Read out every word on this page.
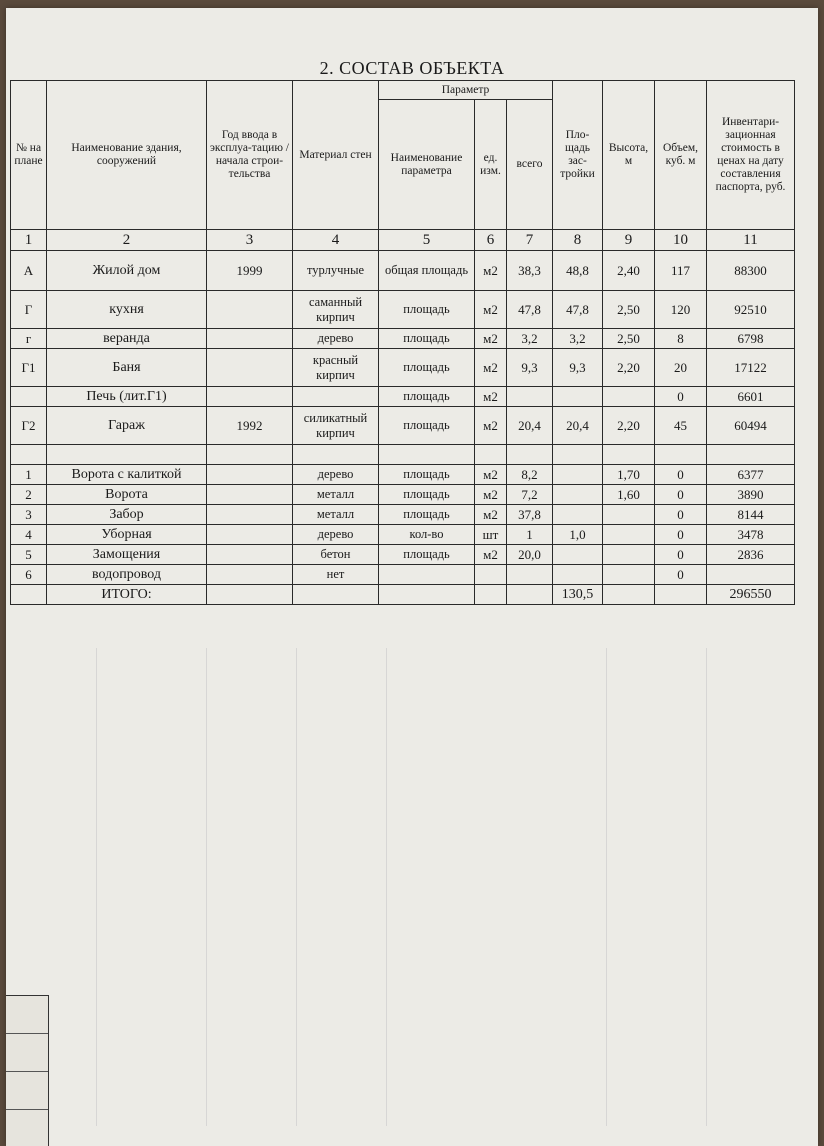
2. СОСТАВ ОБЪЕКТА
№ на плане	Наименование здания, сооружений	Год ввода в эксплуа-тацию / начала строи-тельства	Материал стен	Параметр			Пло-щадь зас-тройки	Высота, м	Объем, куб. м	Инвентари-зационная стоимость в ценах на дату составления паспорта, руб.
				Наименование параметра	ед. изм.	всего				
1	2	3	4	5	6	7	8	9	10	11
А	Жилой дом	1999	турлучные	общая площадь	м2	38,3	48,8	2,40	117	88300
Г	кухня		саманный кирпич	площадь	м2	47,8	47,8	2,50	120	92510
г	веранда		дерево	площадь	м2	3,2	3,2	2,50	8	6798
Г1	Баня		красный кирпич	площадь	м2	9,3	9,3	2,20	20	17122
	Печь (лит.Г1)			площадь	м2				0	6601
Г2	Гараж	1992	силикатный кирпич	площадь	м2	20,4	20,4	2,20	45	60494

1	Ворота с калиткой		дерево	площадь	м2	8,2		1,70	0	6377
2	Ворота		металл	площадь	м2	7,2		1,60	0	3890
3	Забор		металл	площадь	м2	37,8			0	8144
4	Уборная		дерево	кол-во	шт	1	1,0		0	3478
5	Замощения		бетон	площадь	м2	20,0			0	2836
6	водопровод		нет						0	
	ИТОГО:						130,5			296550
